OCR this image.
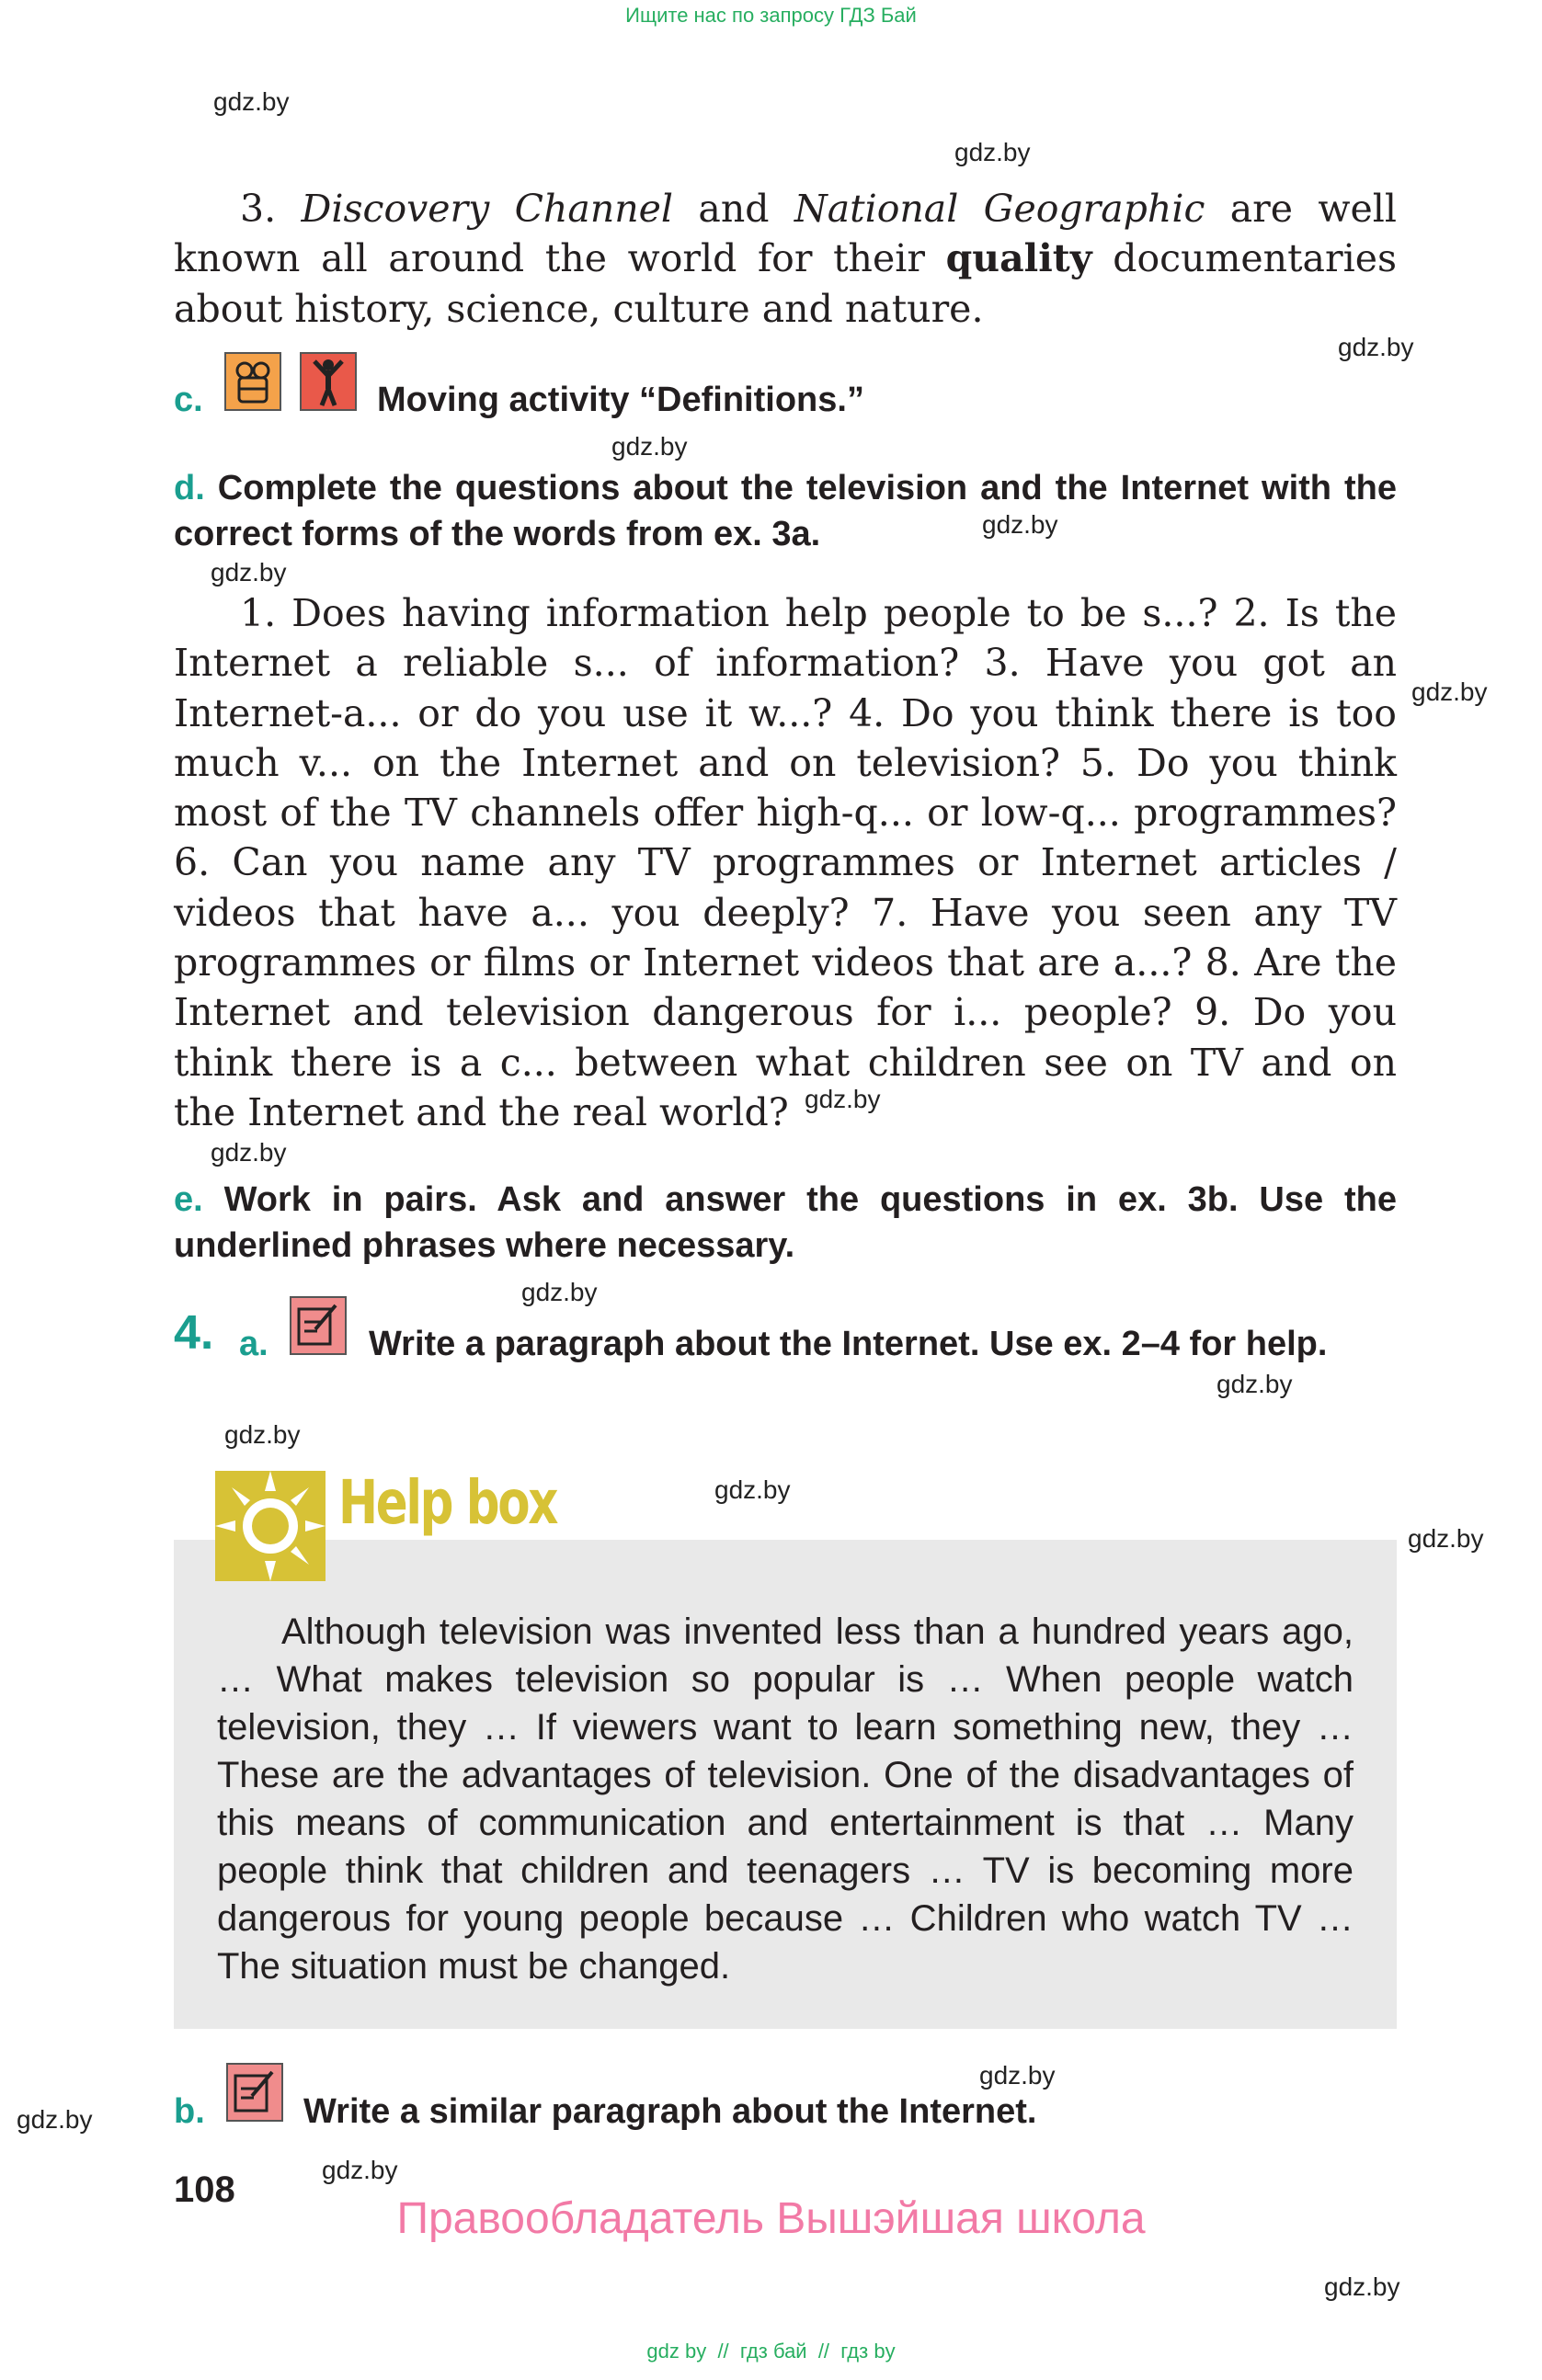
Ищите нас по запросу ГДЗ Бай
gdz.by
gdz.by
gdz.by
gdz.by
gdz.by
gdz.by
gdz.by
gdz.by
gdz.by
gdz.by
gdz.by
gdz.by
gdz.by
gdz.by
gdz.by
gdz.by
gdz.by
gdz.by
3. Discovery Channel and National Geographic are well known all around the world for their quality documentaries about history, science, culture and nature.
c.	Moving activity “Definitions.”
d. Complete the questions about the television and the Internet with the correct forms of the words from ex. 3a.
1. Does having information help people to be s...? 2. Is the Internet a reliable s... of information? 3. Have you got an Internet-a... or do you use it w...? 4. Do you think there is too much v... on the Internet and on television? 5. Do you think most of the TV channels offer high-q... or low-q... programmes? 6. Can you name any TV programmes or Internet articles / videos that have a... you deeply? 7. Have you seen any TV programmes or films or Internet videos that are a...? 8. Are the Internet and television dangerous for i... people? 9. Do you think there is a c... between what children see on TV and on the Internet and the real world?
e. Work in pairs. Ask and answer the questions in ex. 3b. Use the underlined phrases where necessary.
4. a.	Write a paragraph about the Internet. Use ex. 2–4 for help.
Help box
Although television was invented less than a hundred years ago, … What makes television so popular is … When people watch television, they … If viewers want to learn something new, they … These are the advantages of television. One of the disadvantages of this means of communication and entertainment is that … Many people think that children and teenagers … TV is becoming more dangerous for young people because … Children who watch TV … The situation must be changed.
b.	Write a similar paragraph about the Internet.
108
Правообладатель Вышэйшая школа
gdz by  //  гдз бай  //  гдз by
